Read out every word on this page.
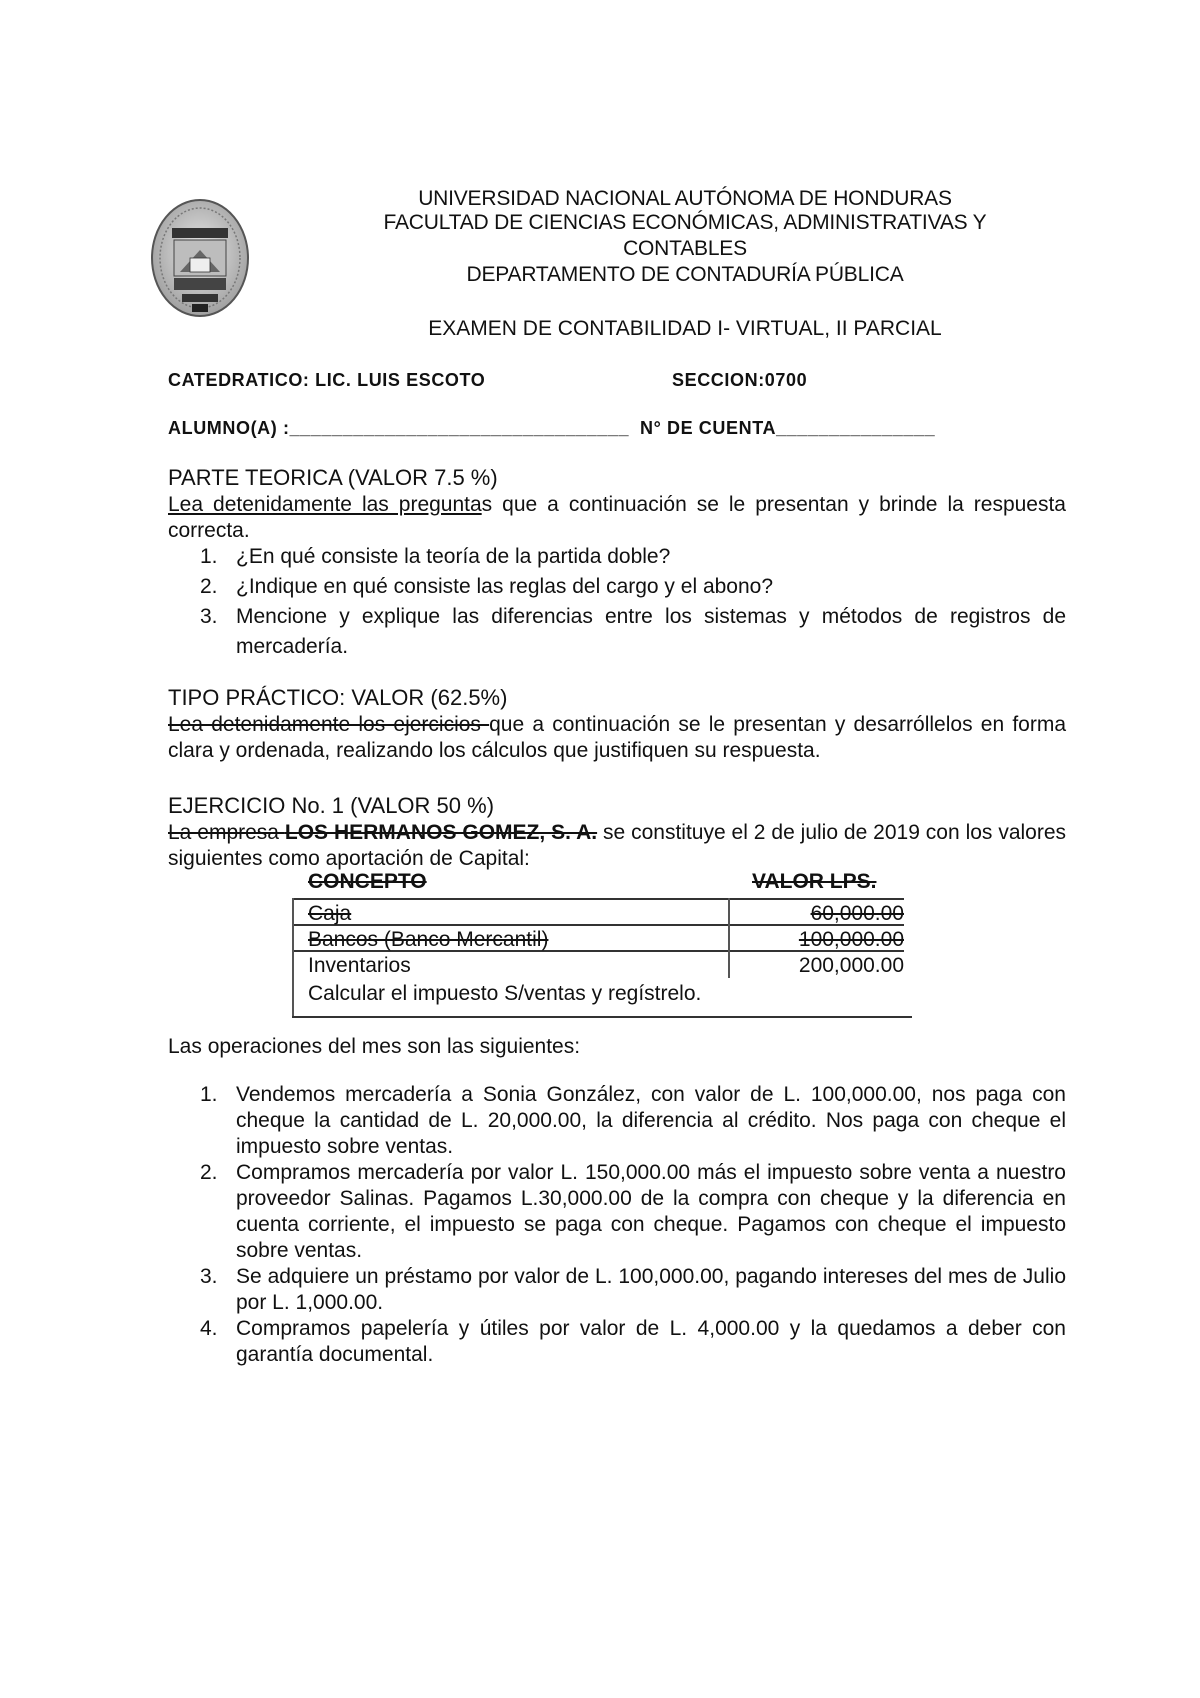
UNIVERSIDAD NACIONAL AUTÓNOMA DE HONDURAS
FACULTAD DE CIENCIAS ECONÓMICAS, ADMINISTRATIVAS Y
CONTABLES
DEPARTAMENTO DE CONTADURÍA PÚBLICA
EXAMEN DE CONTABILIDAD I- VIRTUAL, II PARCIAL
CATEDRATICO: LIC. LUIS ESCOTO	SECCION:0700
ALUMNO(A) :________________________________ N° DE CUENTA_______________
PARTE TEORICA (VALOR 7.5 %)
Lea detenidamente las preguntas que a continuación se le presentan y brinde la respuesta correcta.
1. ¿En qué consiste la teoría de la partida doble?
2. ¿Indique en qué consiste las reglas del cargo y el abono?
3. Mencione y explique las diferencias entre los sistemas y métodos de registros de mercadería.
TIPO PRÁCTICO: VALOR (62.5%)
Lea detenidamente los ejercicios que a continuación se le presentan y desarróllelos en forma clara y ordenada, realizando los cálculos que justifiquen su respuesta.
EJERCICIO No. 1 (VALOR 50 %)
La empresa LOS HERMANOS GOMEZ, S. A. se constituye el 2 de julio de 2019 con los valores siguientes como aportación de Capital:
CONCEPTO	VALOR LPS.
Caja	60,000.00
Bancos (Banco Mercantil)	100,000.00
Inventarios	200,000.00
Calcular el impuesto S/ventas y regístrelo.
Las operaciones del mes son las siguientes:
1. Vendemos mercadería a Sonia González, con valor de L. 100,000.00, nos paga con cheque la cantidad de L. 20,000.00, la diferencia al crédito. Nos paga con cheque el impuesto sobre ventas.
2. Compramos mercadería por valor L. 150,000.00 más el impuesto sobre venta a nuestro proveedor Salinas. Pagamos L.30,000.00 de la compra con cheque y la diferencia en cuenta corriente, el impuesto se paga con cheque. Pagamos con cheque el impuesto sobre ventas.
3. Se adquiere un préstamo por valor de L. 100,000.00, pagando intereses del mes de Julio por L. 1,000.00.
4. Compramos papelería y útiles por valor de L. 4,000.00 y la quedamos a deber con garantía documental.
